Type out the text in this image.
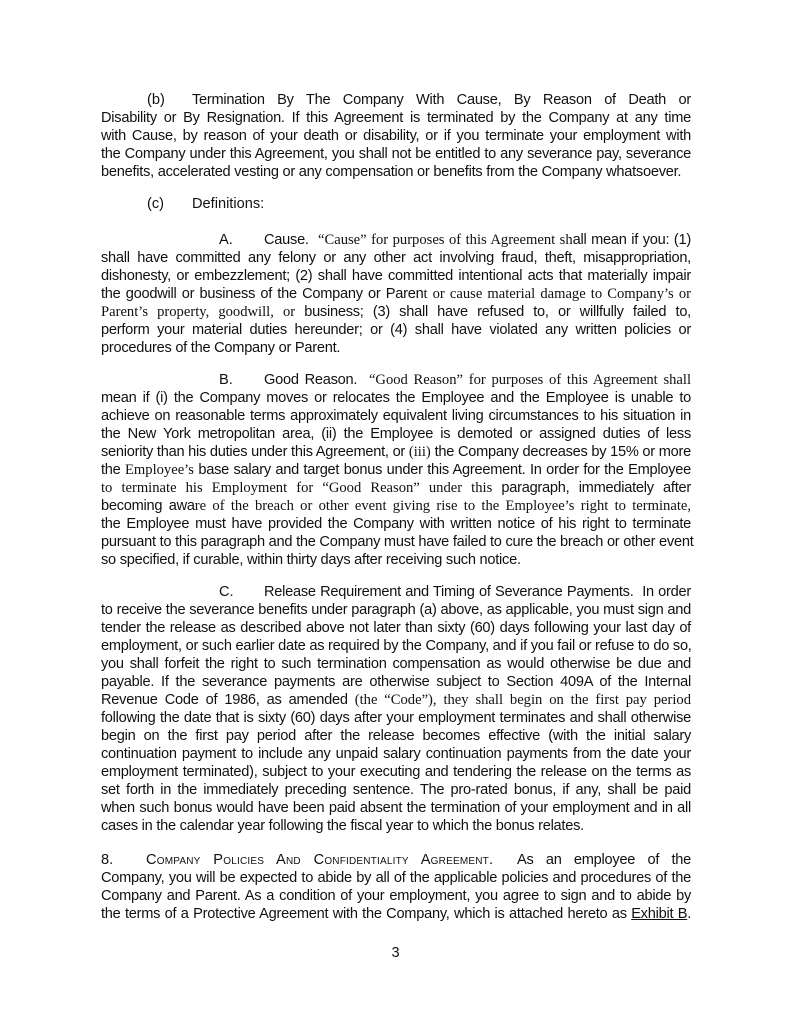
(b) Termination By The Company With Cause, By Reason of Death or
Disability or By Resignation. If this Agreement is terminated by the Company at any time
with Cause, by reason of your death or disability, or if you terminate your employment with
the Company under this Agreement, you shall not be entitled to any severance pay, severance
benefits, accelerated vesting or any compensation or benefits from the Company whatsoever.
(c) Definitions:
A. Cause. “Cause” for purposes of this Agreement shall mean if you: (1)
shall have committed any felony or any other act involving fraud, theft, misappropriation,
dishonesty, or embezzlement; (2) shall have committed intentional acts that materially impair
the goodwill or business of the Company or Parent or cause material damage to Company’s or
Parent’s property, goodwill, or business; (3) shall have refused to, or willfully failed to,
perform your material duties hereunder; or (4) shall have violated any written policies or
procedures of the Company or Parent.
B. Good Reason. “Good Reason” for purposes of this Agreement shall
mean if (i) the Company moves or relocates the Employee and the Employee is unable to
achieve on reasonable terms approximately equivalent living circumstances to his situation in
the New York metropolitan area, (ii) the Employee is demoted or assigned duties of less
seniority than his duties under this Agreement, or (iii) the Company decreases by 15% or more
the Employee’s base salary and target bonus under this Agreement. In order for the Employee
to terminate his Employment for “Good Reason” under this paragraph, immediately after
becoming aware of the breach or other event giving rise to the Employee’s right to terminate,
the Employee must have provided the Company with written notice of his right to terminate
pursuant to this paragraph and the Company must have failed to cure the breach or other event
so specified, if curable, within thirty days after receiving such notice.
C. Release Requirement and Timing of Severance Payments. In order
to receive the severance benefits under paragraph (a) above, as applicable, you must sign and
tender the release as described above not later than sixty (60) days following your last day of
employment, or such earlier date as required by the Company, and if you fail or refuse to do so,
you shall forfeit the right to such termination compensation as would otherwise be due and
payable. If the severance payments are otherwise subject to Section 409A of the Internal
Revenue Code of 1986, as amended (the “Code”), they shall begin on the first pay period
following the date that is sixty (60) days after your employment terminates and shall otherwise
begin on the first pay period after the release becomes effective (with the initial salary
continuation payment to include any unpaid salary continuation payments from the date your
employment terminated), subject to your executing and tendering the release on the terms as
set forth in the immediately preceding sentence. The pro-rated bonus, if any, shall be paid
when such bonus would have been paid absent the termination of your employment and in all
cases in the calendar year following the fiscal year to which the bonus relates.
8. Company Policies And Confidentiality Agreement. As an employee of the
Company, you will be expected to abide by all of the applicable policies and procedures of the
Company and Parent. As a condition of your employment, you agree to sign and to abide by
the terms of a Protective Agreement with the Company, which is attached hereto as Exhibit B.
3
